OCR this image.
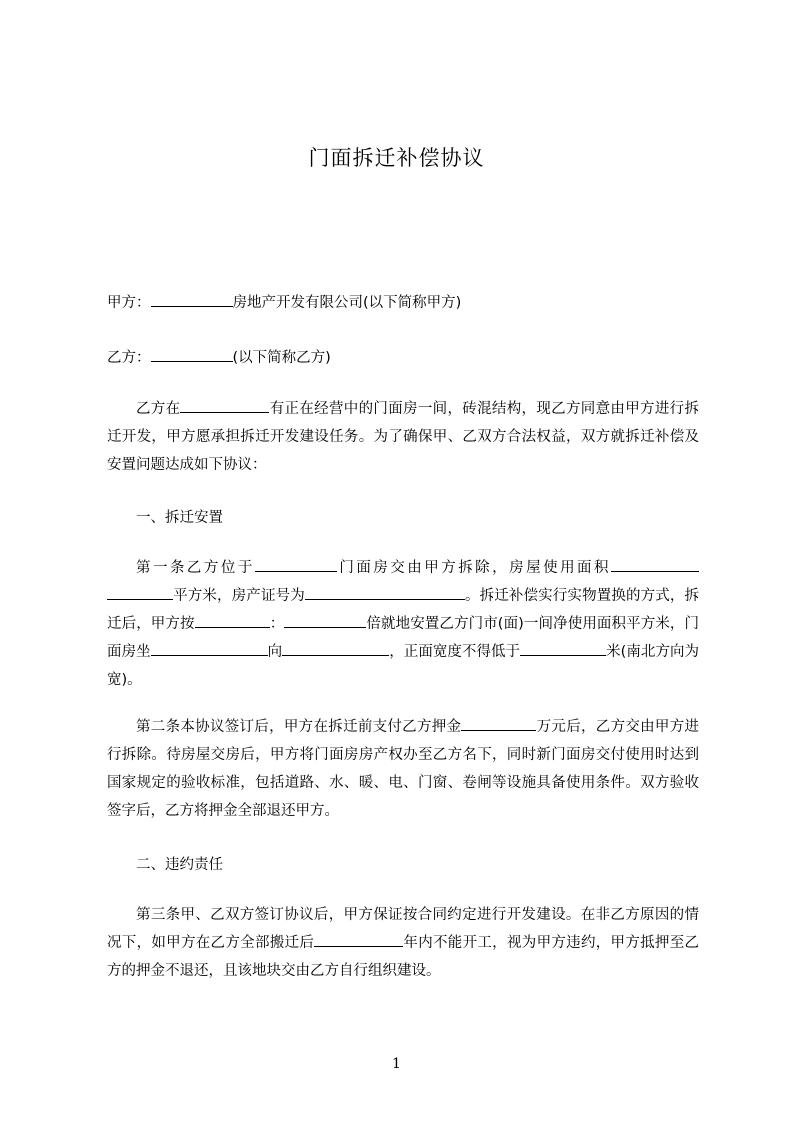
门面拆迁补偿协议
甲方：	房地产开发有限公司(以下简称甲方)
乙方：	(以下简称乙方)
乙方在	有正在经营中的门面房一间，砖混结构，现乙方同意由甲方进行拆迁开发，甲方愿承担拆迁开发建设任务。为了确保甲、乙双方合法权益，双方就拆迁补偿及安置问题达成如下协议：
一、拆迁安置
第一条乙方位于	门面房交由甲方拆除，房屋使用面积平方米，房产证号为	。拆迁补偿实行实物置换的方式，拆迁后，甲方按	：	倍就地安置乙方门市(面)一间净使用面积平方米，门面房坐	向	，正面宽度不得低于	米(南北方向为宽)。
第二条本协议签订后，甲方在拆迁前支付乙方押金	万元后，乙方交由甲方进行拆除。待房屋交房后，甲方将门面房房产权办至乙方名下，同时新门面房交付使用时达到国家规定的验收标准，包括道路、水、暖、电、门窗、卷闸等设施具备使用条件。双方验收签字后，乙方将押金全部退还甲方。
二、违约责任
第三条甲、乙双方签订协议后，甲方保证按合同约定进行开发建设。在非乙方原因的情况下，如甲方在乙方全部搬迁后	年内不能开工，视为甲方违约，甲方抵押至乙方的押金不退还，且该地块交由乙方自行组织建设。
1
